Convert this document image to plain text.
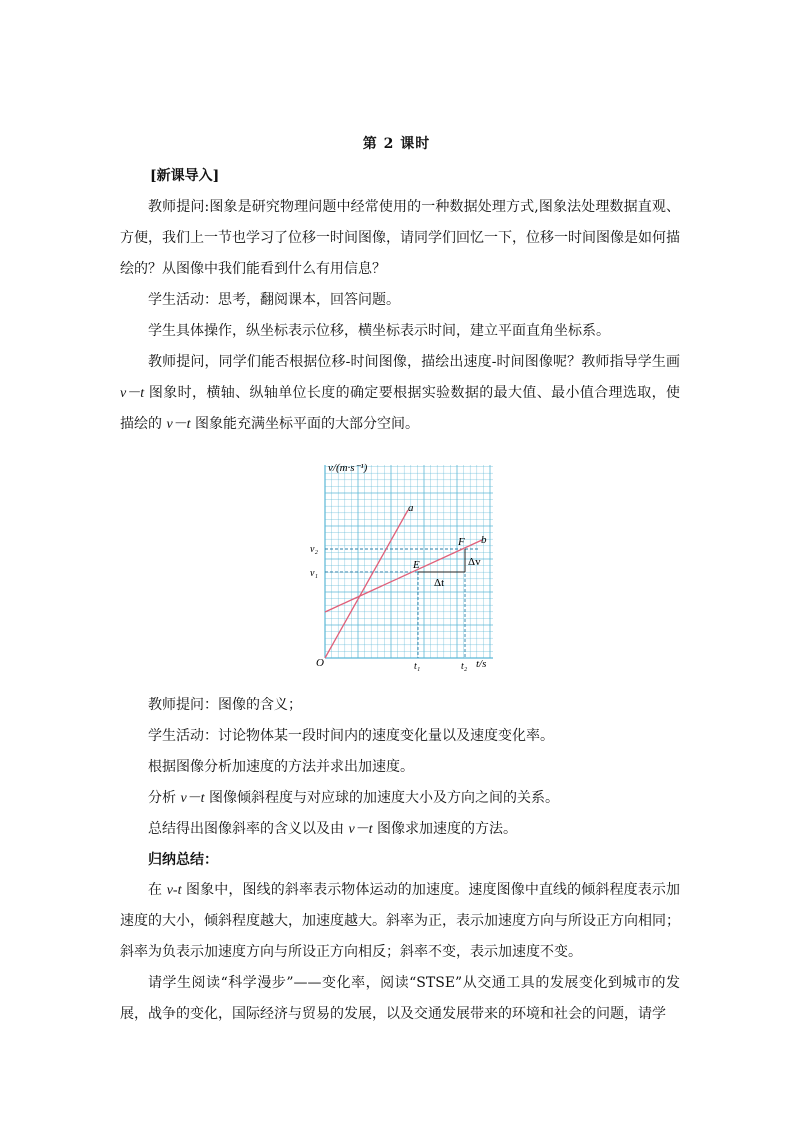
第 2 课时
[新课导入]

教师提问:图象是研究物理问题中经常使用的一种数据处理方式,图象法处理数据直观、方便，我们上一节也学习了位移一时间图像，请同学们回忆一下，位移一时间图像是如何描绘的？从图像中我们能看到什么有用信息？

学生活动：思考，翻阅课本，回答问题。

学生具体操作，纵坐标表示位移，横坐标表示时间，建立平面直角坐标系。

教师提问，同学们能否根据位移-时间图像，描绘出速度-时间图像呢？教师指导学生画 v－t 图象时，横轴、纵轴单位长度的确定要根据实验数据的最大值、最小值合理选取，使描绘的 v－t 图象能充满坐标平面的大部分空间。

v/(m·s⁻¹)
t/s
O
a
b
E
F
v₂
v₁
t₁	t₂
Δv
Δt

教师提问：图像的含义；

学生活动：讨论物体某一段时间内的速度变化量以及速度变化率。

根据图像分析加速度的方法并求出加速度。

分析 v－t 图像倾斜程度与对应球的加速度大小及方向之间的关系。

总结得出图像斜率的含义以及由 v－t 图像求加速度的方法。

归纳总结：

在 v-t 图象中，图线的斜率表示物体运动的加速度。速度图像中直线的倾斜程度表示加速度的大小，倾斜程度越大，加速度越大。斜率为正，表示加速度方向与所设正方向相同；斜率为负表示加速度方向与所设正方向相反；斜率不变，表示加速度不变。

请学生阅读“科学漫步”——变化率，阅读“STSE”从交通工具的发展变化到城市的发展，战争的变化，国际经济与贸易的发展，以及交通发展带来的环境和社会的问题，请学
